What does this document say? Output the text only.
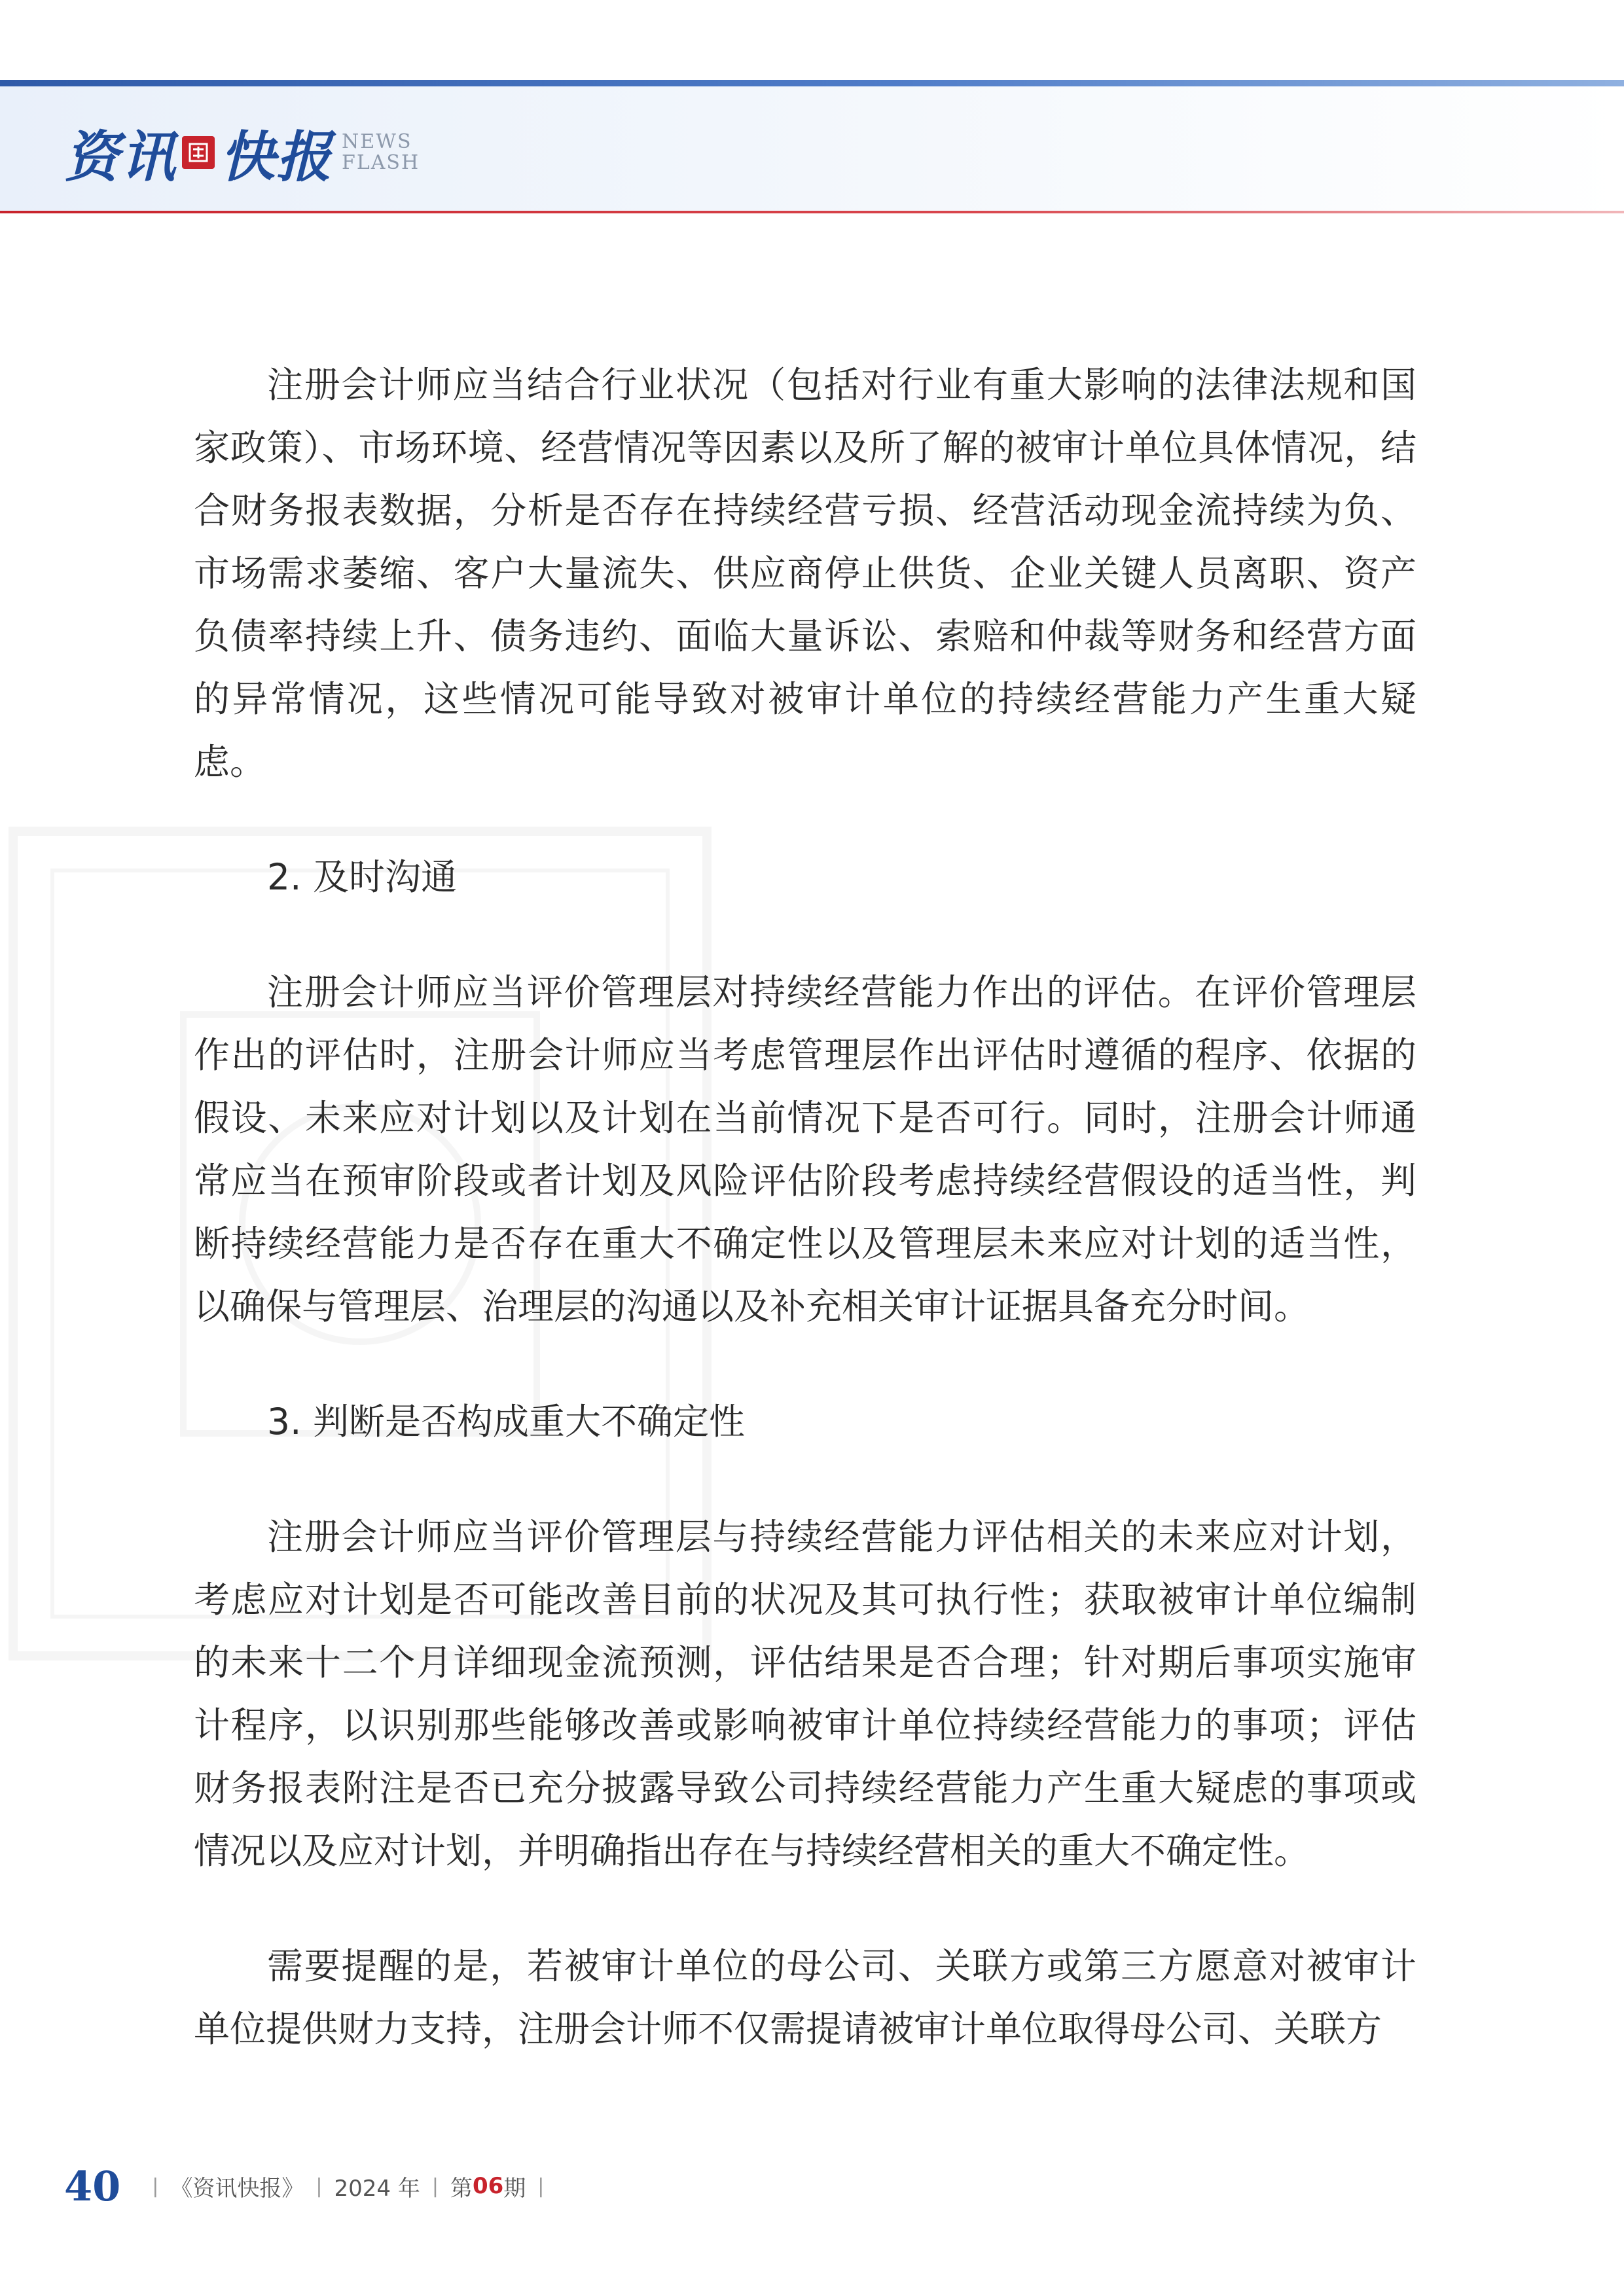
资讯 快报 NEWS
FLASH

注册会计师应当结合行业状况（包括对行业有重大影响的法律法规和国家政策）、市场环境、经营情况等因素以及所了解的被审计单位具体情况，结合财务报表数据，分析是否存在持续经营亏损、经营活动现金流持续为负、市场需求萎缩、客户大量流失、供应商停止供货、企业关键人员离职、资产负债率持续上升、债务违约、面临大量诉讼、索赔和仲裁等财务和经营方面的异常情况，这些情况可能导致对被审计单位的持续经营能力产生重大疑虑。

2. 及时沟通

注册会计师应当评价管理层对持续经营能力作出的评估。在评价管理层作出的评估时，注册会计师应当考虑管理层作出评估时遵循的程序、依据的假设、未来应对计划以及计划在当前情况下是否可行。同时，注册会计师通常应当在预审阶段或者计划及风险评估阶段考虑持续经营假设的适当性，判断持续经营能力是否存在重大不确定性以及管理层未来应对计划的适当性，以确保与管理层、治理层的沟通以及补充相关审计证据具备充分时间。

3. 判断是否构成重大不确定性

注册会计师应当评价管理层与持续经营能力评估相关的未来应对计划，考虑应对计划是否可能改善目前的状况及其可执行性；获取被审计单位编制的未来十二个月详细现金流预测，评估结果是否合理；针对期后事项实施审计程序，以识别那些能够改善或影响被审计单位持续经营能力的事项；评估财务报表附注是否已充分披露导致公司持续经营能力产生重大疑虑的事项或情况以及应对计划，并明确指出存在与持续经营相关的重大不确定性。

需要提醒的是，若被审计单位的母公司、关联方或第三方愿意对被审计单位提供财力支持，注册会计师不仅需提请被审计单位取得母公司、关联方

40 | 《资讯快报》 | 2024 年 | 第 06 期 |
